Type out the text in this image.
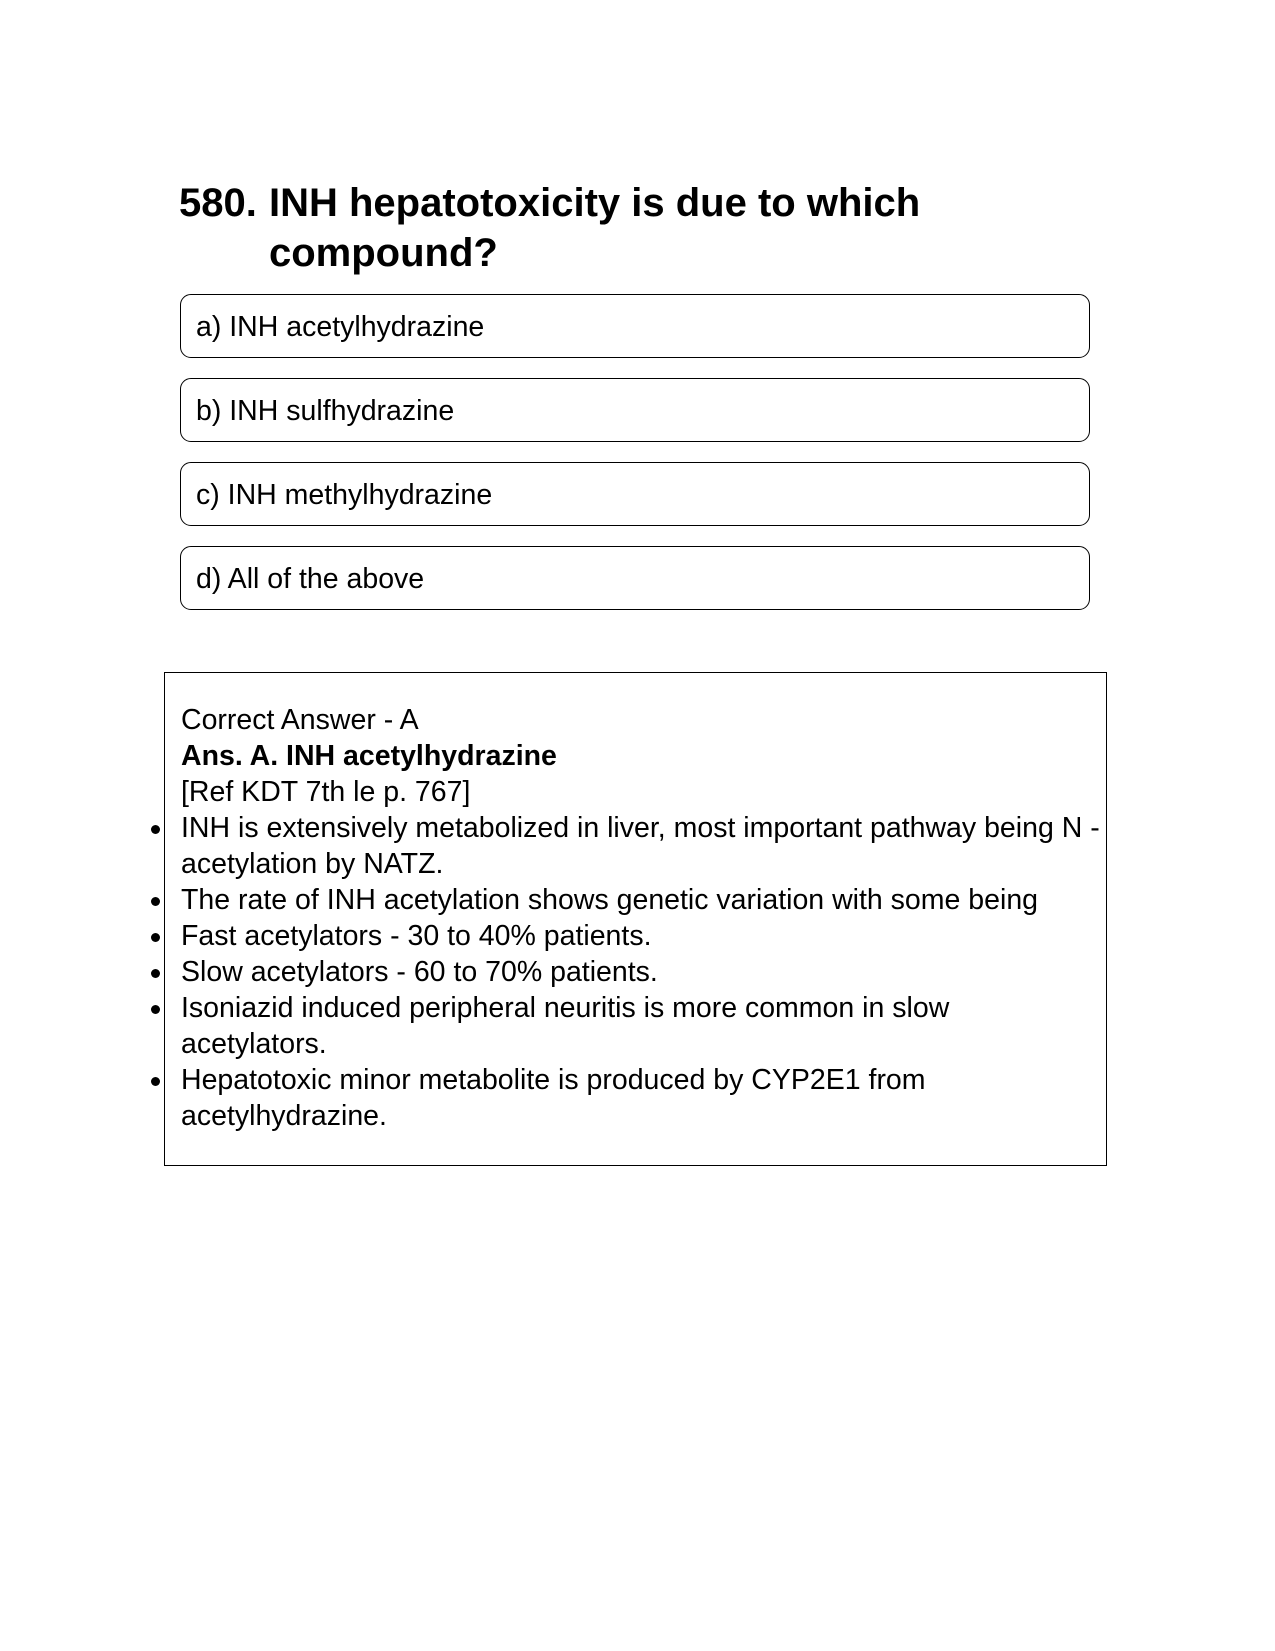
580. INH hepatotoxicity is due to which compound?
a) INH acetylhydrazine
b) INH sulfhydrazine
c) INH methylhydrazine
d) All of the above
Correct Answer - A
Ans. A. INH acetylhydrazine
[Ref KDT 7th le p. 767]
INH is extensively metabolized in liver, most important pathway being N - acetylation by NATZ.
The rate of INH acetylation shows genetic variation with some being
Fast acetylators - 30 to 40% patients.
Slow acetylators - 60 to 70% patients.
Isoniazid induced peripheral neuritis is more common in slow acetylators.
Hepatotoxic minor metabolite is produced by CYP2E1 from acetylhydrazine.
